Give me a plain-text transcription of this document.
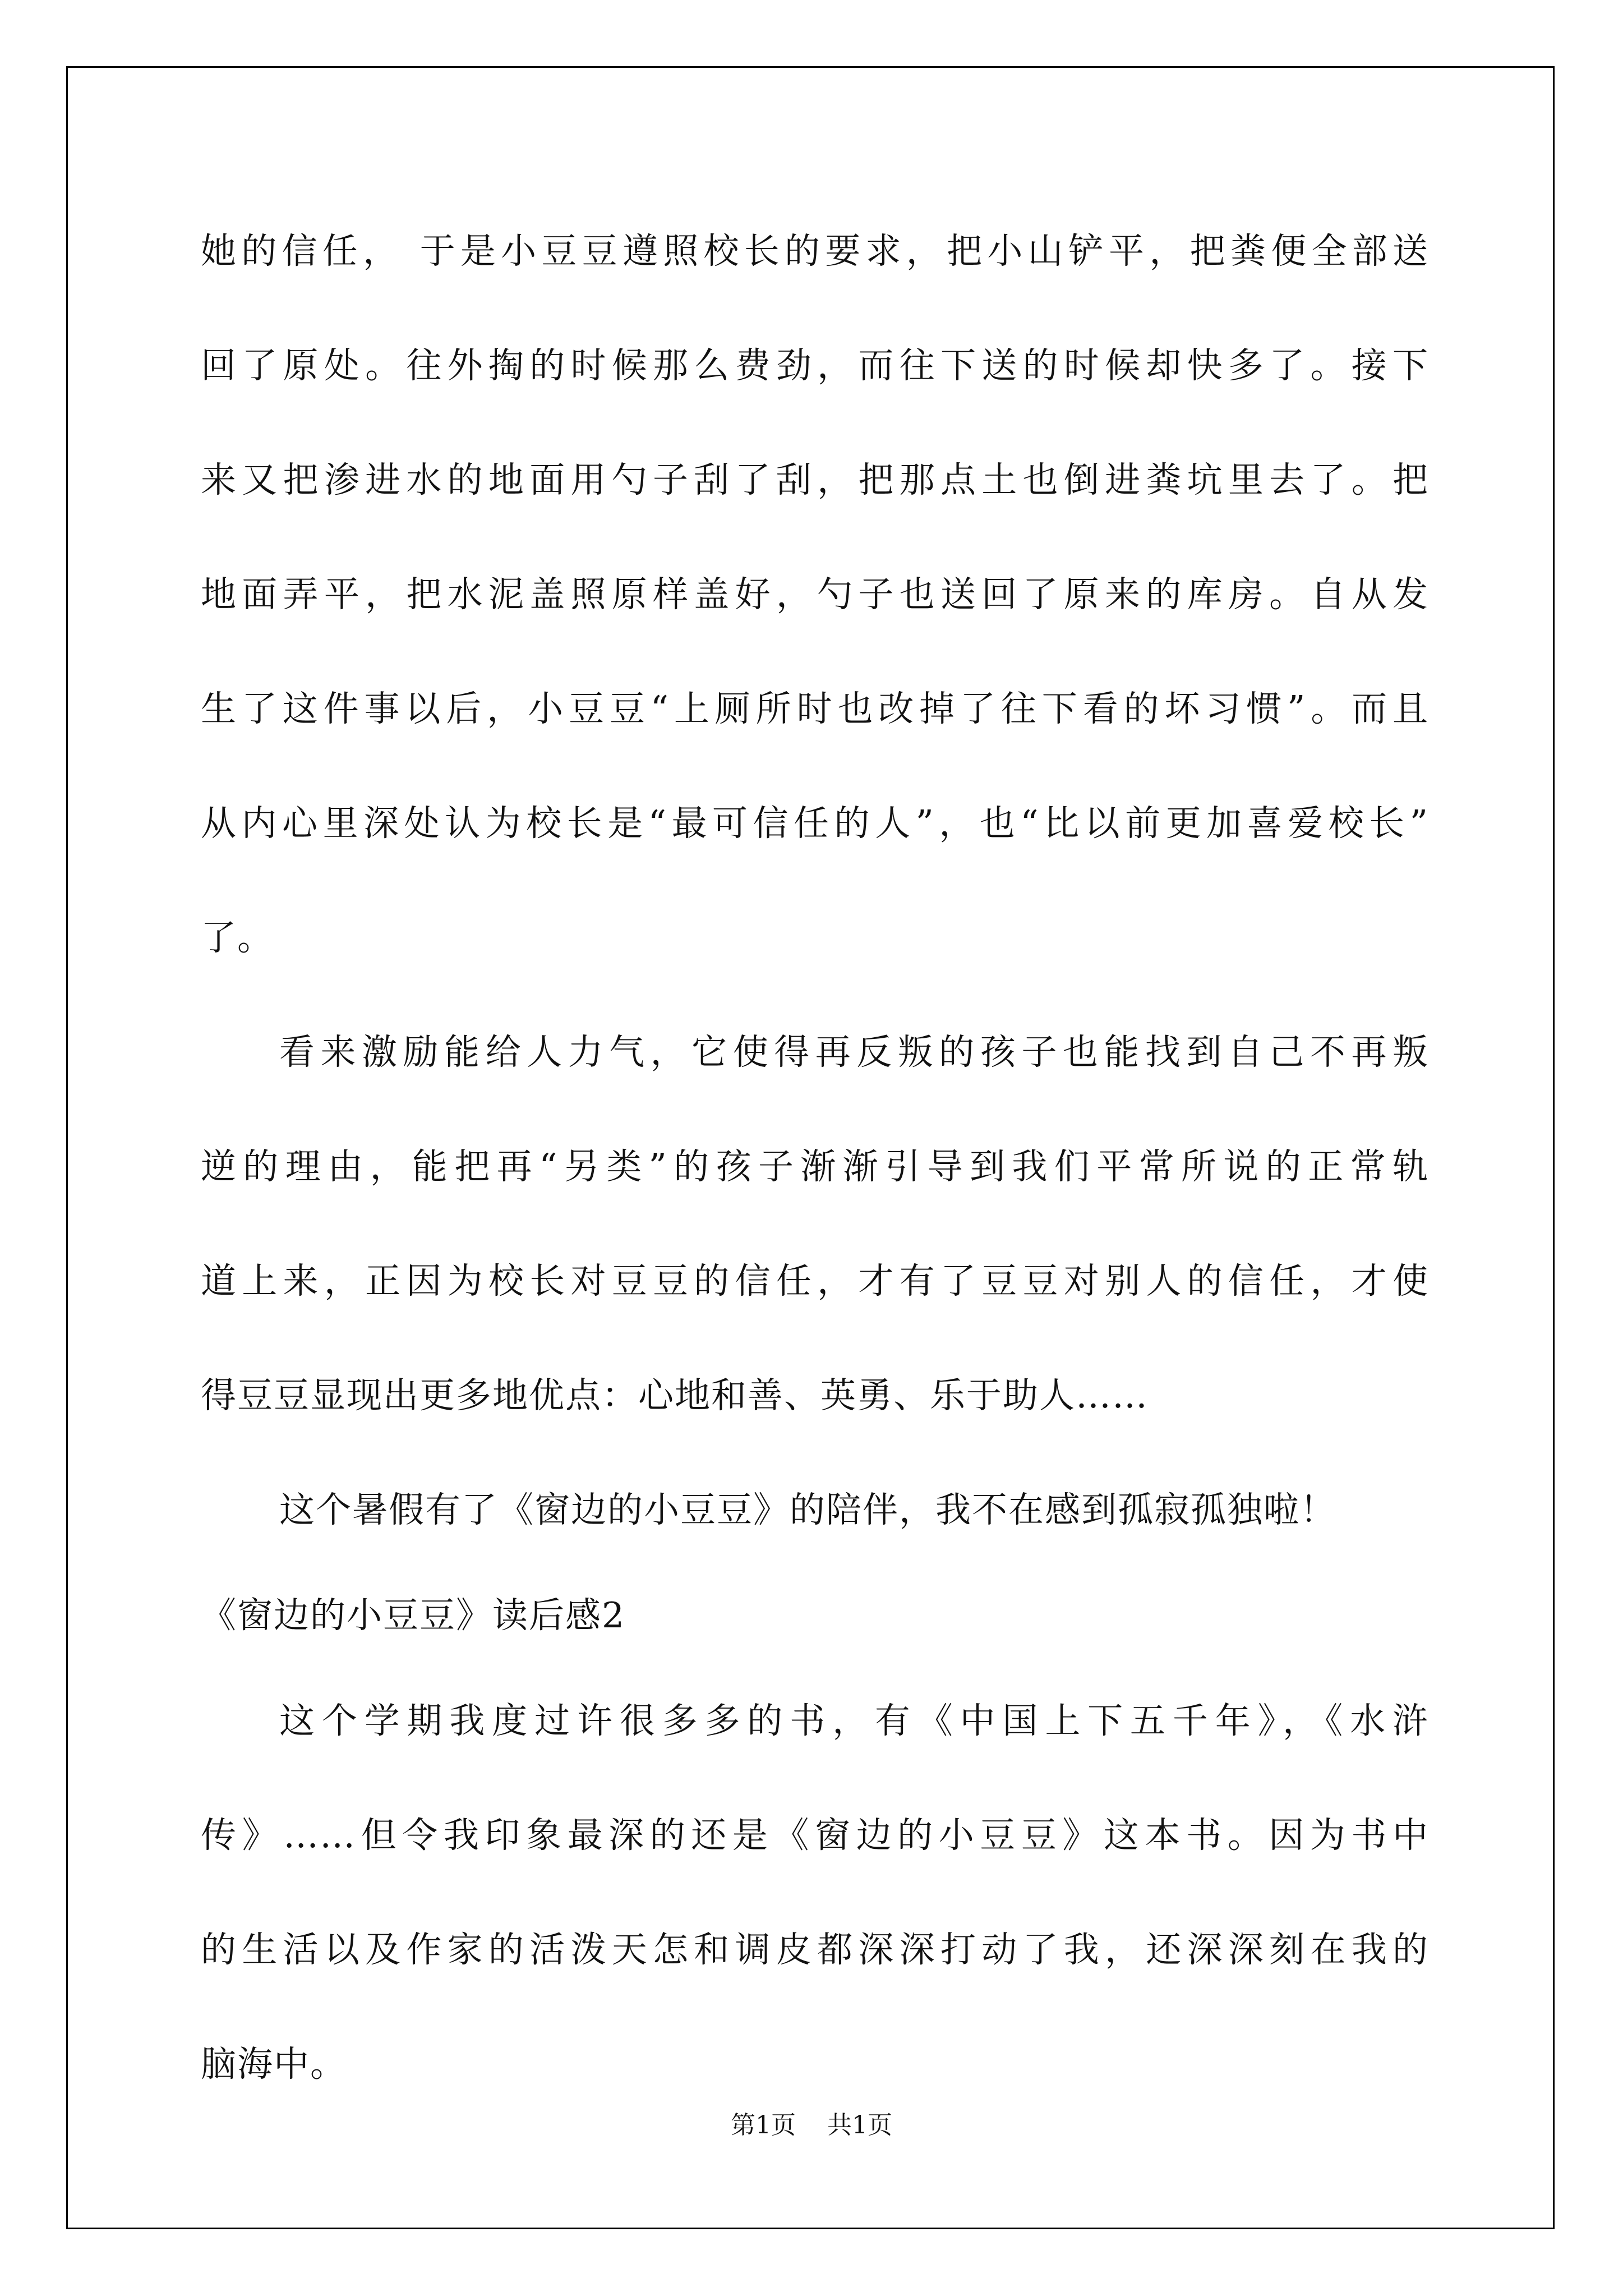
她的信任， 于是小豆豆遵照校长的要求，把小山铲平，把粪便全部送
回了原处。往外掏的时候那么费劲，而往下送的时候却快多了。接下
来又把渗进水的地面用勺子刮了刮，把那点土也倒进粪坑里去了。把
地面弄平，把水泥盖照原样盖好，勺子也送回了原来的库房。自从发
生了这件事以后，小豆豆“上厕所时也改掉了往下看的坏习惯”。而且
从内心里深处认为校长是“最可信任的人”，也“比以前更加喜爱校长”
了。
看来激励能给人力气，它使得再反叛的孩子也能找到自己不再叛
逆的理由，能把再“另类”的孩子渐渐引导到我们平常所说的正常轨
道上来，正因为校长对豆豆的信任，才有了豆豆对别人的信任，才使
得豆豆显现出更多地优点：心地和善、英勇、乐于助人……
这个暑假有了《窗边的小豆豆》的陪伴，我不在感到孤寂孤独啦！
《窗边的小豆豆》读后感2
这个学期我度过许很多多的书，有《中国上下五千年》，《水浒
传》……但令我印象最深的还是《窗边的小豆豆》这本书。因为书中
的生活以及作家的活泼天怎和调皮都深深打动了我，还深深刻在我的
脑海中。
第1页    共1页
